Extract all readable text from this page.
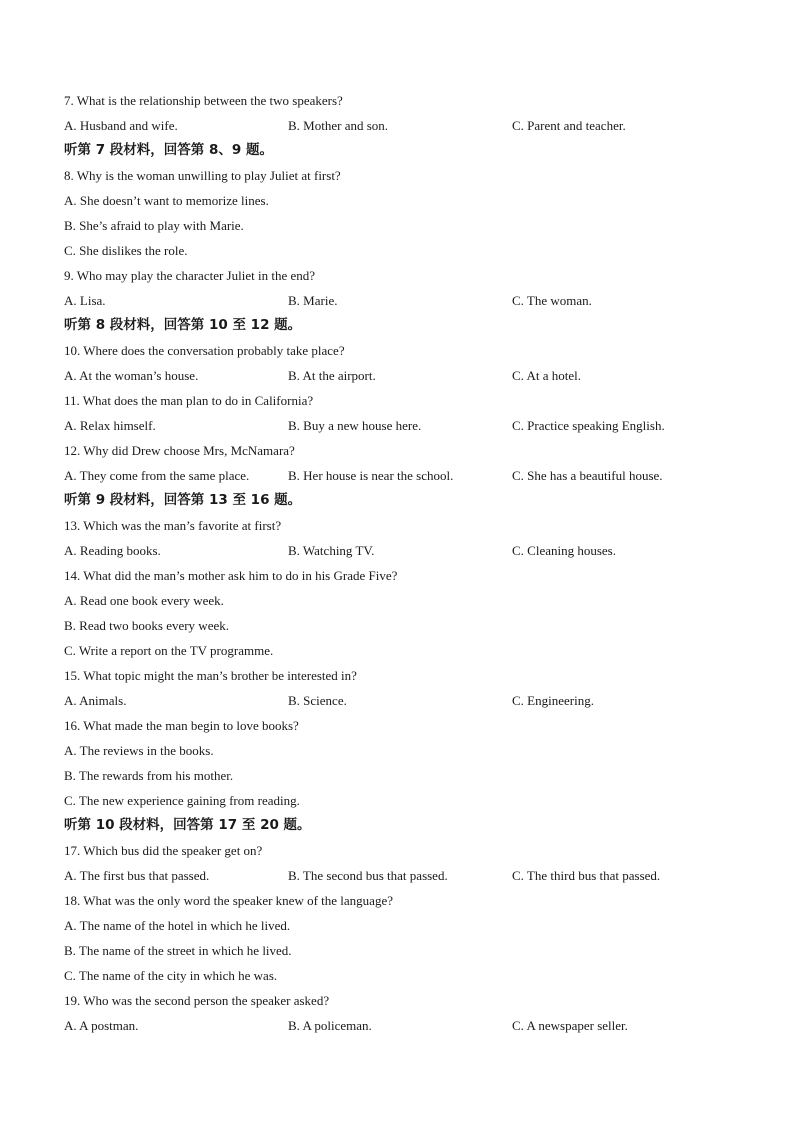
7. What is the relationship between the two speakers?
A. Husband and wife.	B. Mother and son.	C. Parent and teacher.
听第 7 段材料，回答第 8、9 题。
8. Why is the woman unwilling to play Juliet at first?
A. She doesn’t want to memorize lines.
B. She’s afraid to play with Marie.
C. She dislikes the role.
9. Who may play the character Juliet in the end?
A. Lisa.	B. Marie.	C. The woman.
听第 8 段材料，回答第 10 至 12 题。
10. Where does the conversation probably take place?
A. At the woman’s house.	B. At the airport.	C. At a hotel.
11. What does the man plan to do in California?
A. Relax himself.	B. Buy a new house here.	C. Practice speaking English.
12. Why did Drew choose Mrs, McNamara?
A. They come from the same place.	B. Her house is near the school.	C. She has a beautiful house.
听第 9 段材料，回答第 13 至 16 题。
13. Which was the man’s favorite at first?
A. Reading books.	B. Watching TV.	C. Cleaning houses.
14. What did the man’s mother ask him to do in his Grade Five?
A. Read one book every week.
B. Read two books every week.
C. Write a report on the TV programme.
15. What topic might the man’s brother be interested in?
A. Animals.	B. Science.	C. Engineering.
16. What made the man begin to love books?
A. The reviews in the books.
B. The rewards from his mother.
C. The new experience gaining from reading.
听第 10 段材料，回答第 17 至 20 题。
17. Which bus did the speaker get on?
A. The first bus that passed.	B. The second bus that passed.	C. The third bus that passed.
18. What was the only word the speaker knew of the language?
A. The name of the hotel in which he lived.
B. The name of the street in which he lived.
C. The name of the city in which he was.
19. Who was the second person the speaker asked?
A. A postman.	B. A policeman.	C. A newspaper seller.
